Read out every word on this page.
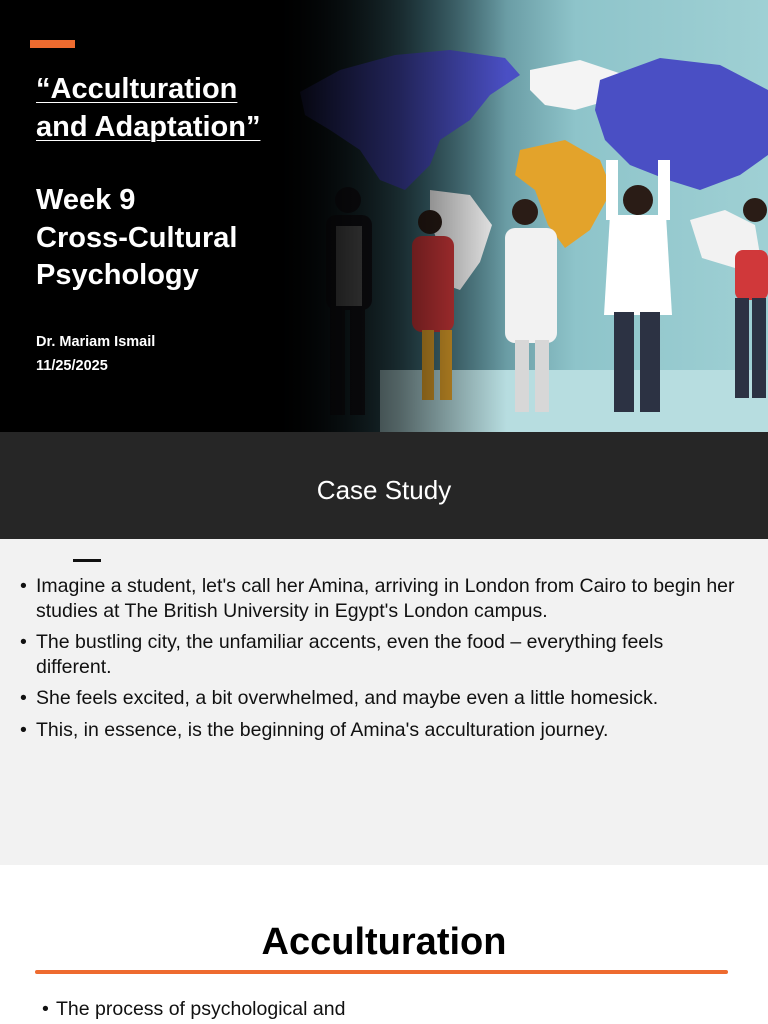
“Acculturation
and Adaptation”
Week 9
Cross-Cultural
Psychology
Dr. Mariam Ismail
11/25/2025
Case Study
• Imagine a student, let's call her Amina, arriving in London from Cairo to begin her studies at The British University in Egypt's London campus.
• The bustling city, the unfamiliar accents, even the food – everything feels different.
• She feels excited, a bit overwhelmed, and maybe even a little homesick.
• This, in essence, is the beginning of Amina's acculturation journey.
Acculturation
• The process of psychological and
